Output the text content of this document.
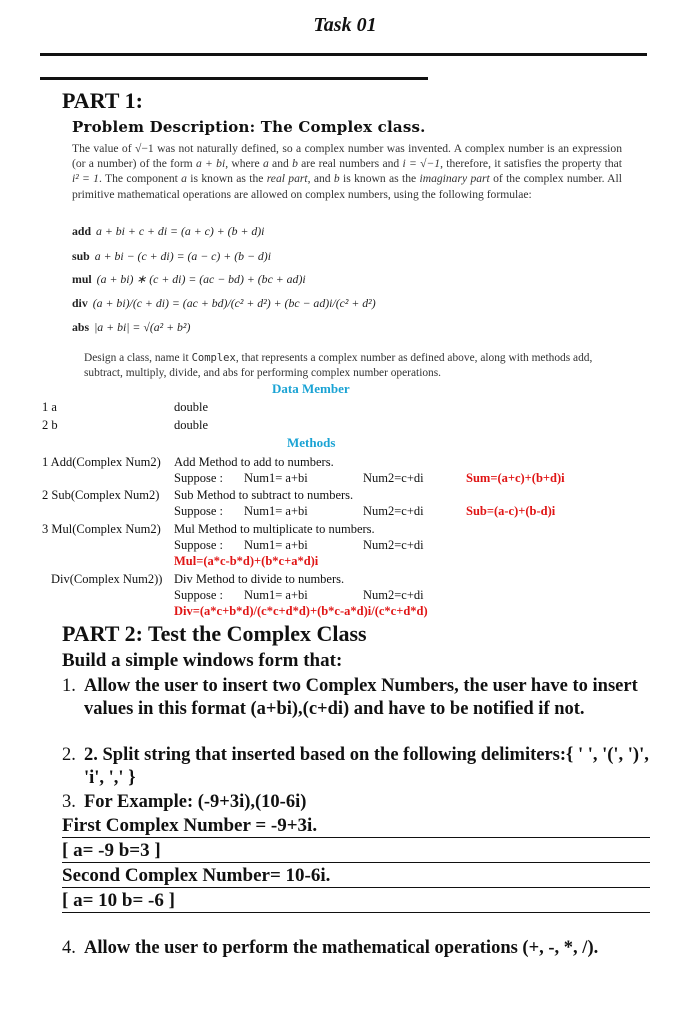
Task 01
PART 1:
Problem Description: The Complex class.
The value of √−1 was not naturally defined, so a complex number was invented. A complex number is an expression (or a number) of the form a + bi, where a and b are real numbers and i = √−1, therefore, it satisfies the property that i² = 1. The component a is known as the real part, and b is known as the imaginary part of the complex number. All primitive mathematical operations are allowed on complex numbers, using the following formulae:
add a + bi + c + di = (a + c) + (b + d)i
sub a + bi − (c + di) = (a − c) + (b − d)i
mul (a + bi) ∗ (c + di) = (ac − bd) + (bc + ad)i
div (a + bi)/(c + di) = (ac + bd)/(c² + d²) + (bc − ad)i/(c² + d²)
abs |a + bi| = √(a² + b²)
Design a class, name it Complex, that represents a complex number as defined above, along with methods add, subtract, multiply, divide, and abs for performing complex number operations.
Data Member
1 a	double
2 b	double
Methods
1 Add(Complex Num2) Add Method to add to numbers.
Suppose : Num1= a+bi	Num2=c+di	Sum=(a+c)+(b+d)i
2 Sub(Complex Num2) Sub Method to subtract to numbers.
Suppose : Num1= a+bi	Num2=c+di	Sub=(a-c)+(b-d)i
3 Mul(Complex Num2) Mul Method to multiplicate to numbers.
Suppose : Num1= a+bi	Num2=c+di
Mul=(a*c-b*d)+(b*c+a*d)i
Div(Complex Num2)) Div Method to divide to numbers.
Suppose : Num1= a+bi	Num2=c+di
Div=(a*c+b*d)/(c*c+d*d)+(b*c-a*d)i/(c*c+d*d)
PART 2: Test the Complex Class
Build a simple windows form that:
1. Allow the user to insert two Complex Numbers, the user have to insert values in this format (a+bi),(c+di) and have to be notified if not.
2. 2. Split string that inserted based on the following delimiters:{ ' ', '(', ')', 'i', ',' }
3. For Example: (-9+3i),(10-6i)
First Complex Number = -9+3i.
[ a= -9 b=3 ]
Second Complex Number= 10-6i.
[ a= 10 b= -6 ]
4. Allow the user to perform the mathematical operations (+, -, *, /).
